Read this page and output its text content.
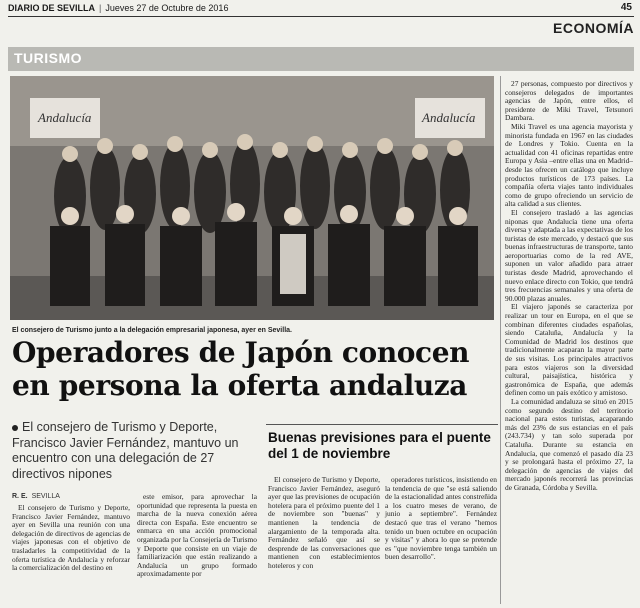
DIARIO DE SEVILLA | Jueves 27 de Octubre de 2016	45
ECONOMÍA
TURISMO
Andalucía	Andalucía
El consejero de Turismo junto a la delegación empresarial japonesa, ayer en Sevilla.
Operadores de Japón conocen en persona la oferta andaluza
El consejero de Turismo y Deporte, Francisco Javier Fernández, mantuvo un encuentro con una delegación de 27 directivos nipones
Buenas previsiones para el puente del 1 de noviembre
R. E. SEVILLA

El consejero de Turismo y Deporte, Francisco Javier Fernández, mantuvo ayer en Sevilla una reunión con una delegación de directivos de agencias de viajes japonesas con el objetivo de trasladarles la competitividad de la oferta turística de Andalucía y reforzar la comercialización del destino en

este emisor, para aprovechar la oportunidad que representa la puesta en marcha de la nueva conexión aérea directa con España. Este encuentro se enmarca en una acción promocional organizada por la Consejería de Turismo y Deporte que consiste en un viaje de familiarización que están realizando a Andalucía un grupo formado aproximadamente por

El consejero de Turismo y Deporte, Francisco Javier Fernández, aseguró ayer que las previsiones de ocupación hotelera para el próximo puente del 1 de noviembre son "buenas" y mantienen la tendencia de alargamiento de la temporada alta. Fernández señaló que así se desprende de las conversaciones que mantienen con establecimientos hoteleros y con

operadores turísticos, insistiendo en la tendencia de que "se está saliendo de la estacionalidad antes constreñida a los cuatro meses de verano, de junio a septiembre". Fernández destacó que tras el verano "hemos tenido un buen octubre en ocupación y visitas" y ahora lo que se pretende es "que noviembre tenga también un buen desarrollo".

27 personas, compuesto por directivos y consejeros delegados de importantes agencias de Japón, entre ellos, el presidente de Miki Travel, Tetsunori Dambara.

Miki Travel es una agencia mayorista y minorista fundada en 1967 en las ciudades de Londres y Tokio. Cuenta en la actualidad con 41 oficinas repartidas entre Europa y Asia –entre ellas una en Madrid– desde las ofrecen un catálogo que incluye productos turísticos de 173 países. La compañía oferta viajes tanto individuales como de grupo ofreciendo un servicio de alta calidad a sus clientes.

El consejero trasladó a las agencias niponas que Andalucía tiene una oferta diversa y adaptada a las expectativas de los turistas de este mercado, y destacó que sus buenas infraestructuras de transporte, tanto aeroportuarias como de la red AVE, suponen un valor añadido para atraer turistas desde Madrid, aprovechando el nuevo enlace directo con Tokio, que tendrá tres frecuencias semanales y una oferta de 90.000 plazas anuales.

El viajero japonés se caracteriza por realizar un tour en Europa, en el que se combinan diferentes ciudades españolas, siendo Cataluña, Andalucía y la Comunidad de Madrid los destinos que tradicionalmente acaparan la mayor parte de sus visitas. Los principales atractivos para estos viajeros son la diversidad cultural, paisajística, histórica y gastronómica de España, que además definen como un país exótico y amistoso.

La comunidad andaluza se situó en 2015 como segundo destino del territorio nacional para estos turistas, acaparando más del 23% de sus estancias en el país (243.734) y tan solo superada por Cataluña. Durante su estancia en Andalucía, que comenzó el pasado día 23 y se prolongará hasta el próximo 27, la delegación de agencias de viajes del mercado japonés recorrerá las provincias de Granada, Córdoba y Sevilla.
